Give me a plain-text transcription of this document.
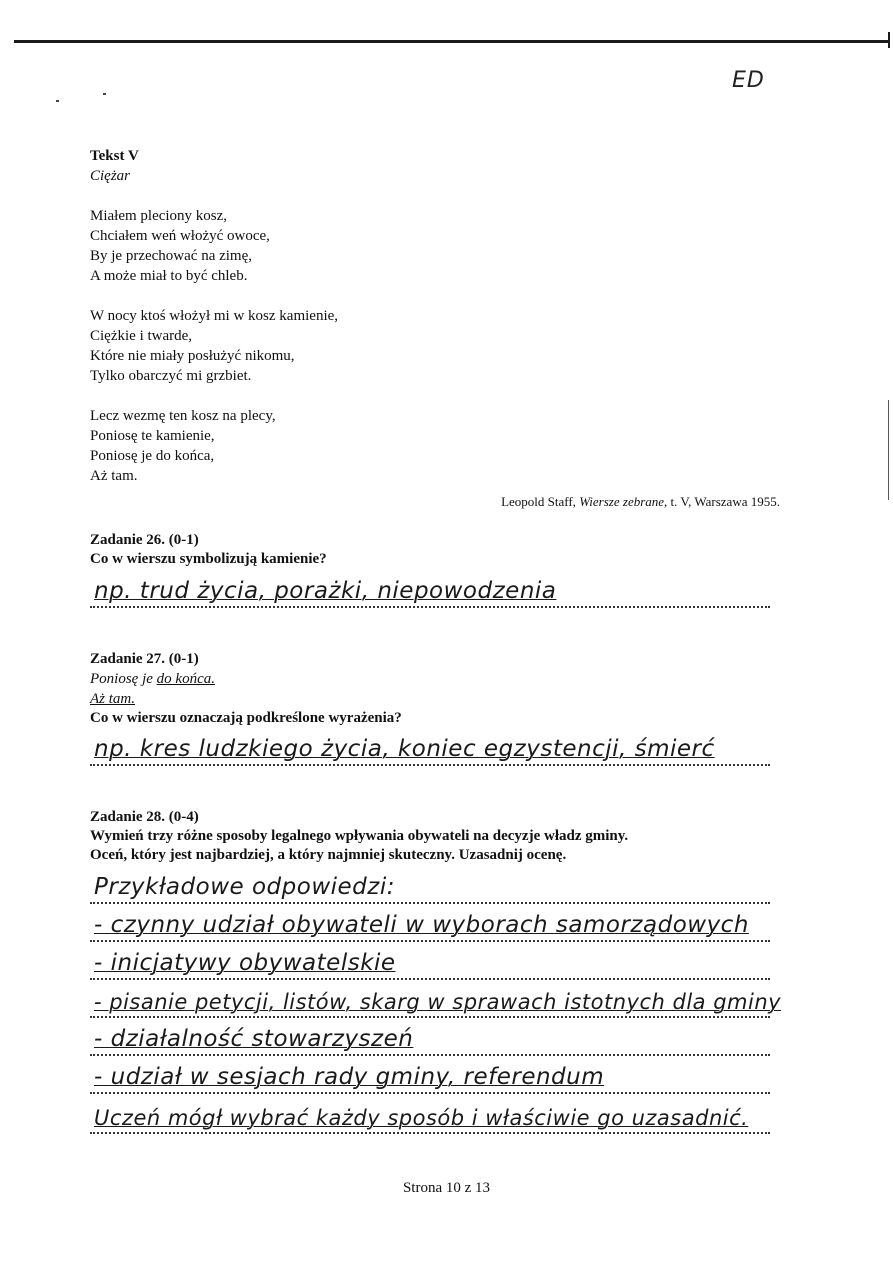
ED
Tekst V
Ciężar
Miałem pleciony kosz,
Chciałem weń włożyć owoce,
By je przechować na zimę,
A może miał to być chleb.
W nocy ktoś włożył mi w kosz kamienie,
Ciężkie i twarde,
Które nie miały posłużyć nikomu,
Tylko obarczyć mi grzbiet.
Lecz wezmę ten kosz na plecy,
Poniosę te kamienie,
Poniosę je do końca,
Aż tam.
Leopold Staff, Wiersze zebrane, t. V, Warszawa 1955.
Zadanie 26. (0-1)
Co w wierszu symbolizują kamienie?
np. trud życia, porażki, niepowodzenia
Zadanie 27. (0-1)
Poniosę je do końca.
Aż tam.
Co w wierszu oznaczają podkreślone wyrażenia?
np. kres ludzkiego życia, koniec egzystencji, śmierć
Zadanie 28. (0-4)
Wymień trzy różne sposoby legalnego wpływania obywateli na decyzje władz gminy.
Oceń, który jest najbardziej, a który najmniej skuteczny. Uzasadnij ocenę.
Przykładowe odpowiedzi:
- czynny udział obywateli w wyborach samorządowych
- inicjatywy obywatelskie
- pisanie petycji, listów, skarg w sprawach istotnych dla gminy
- działalność stowarzyszeń
- udział w sesjach rady gminy, referendum
Uczeń mógł wybrać każdy sposób i właściwie go uzasadnić.
Strona 10 z 13
